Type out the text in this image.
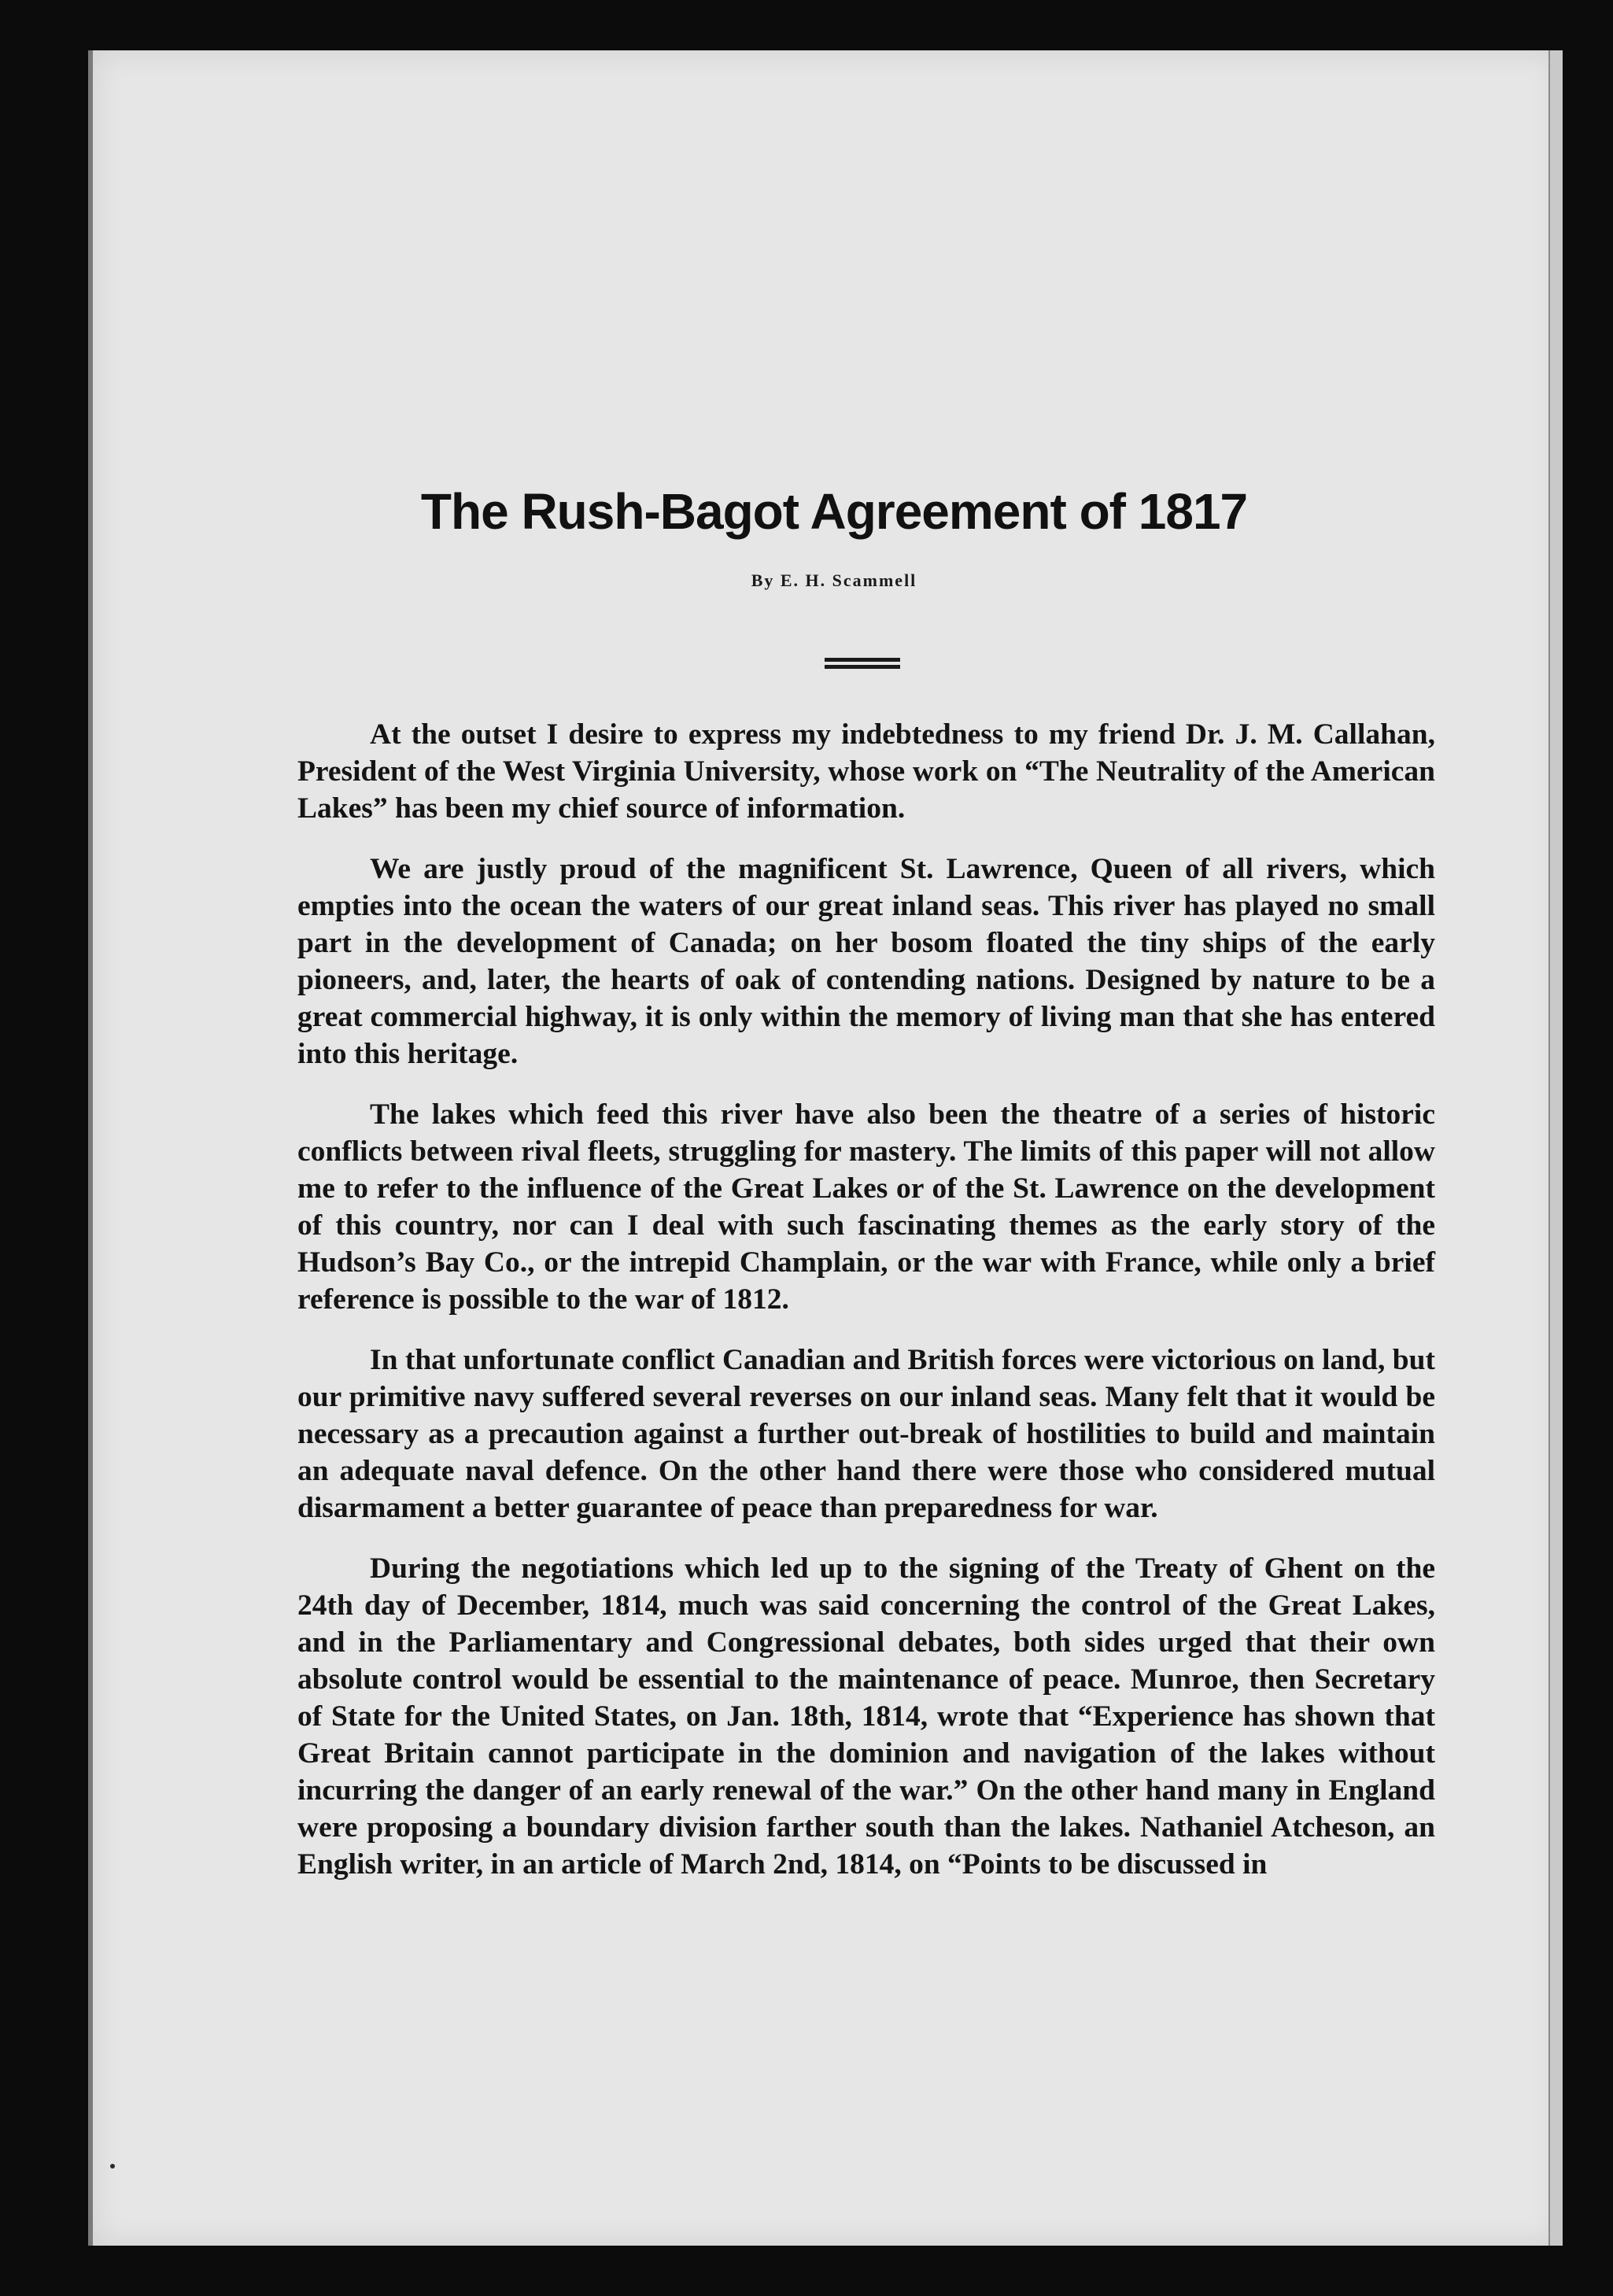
The Rush-Bagot Agreement of 1817
By E. H. Scammell

At the outset I desire to express my indebtedness to my friend Dr. J. M. Callahan, President of the West Virginia University, whose work on “The Neutrality of the American Lakes” has been my chief source of information.

We are justly proud of the magnificent St. Lawrence, Queen of all rivers, which empties into the ocean the waters of our great inland seas. This river has played no small part in the development of Canada; on her bosom floated the tiny ships of the early pioneers, and, later, the hearts of oak of contending nations. Designed by nature to be a great commercial highway, it is only within the memory of living man that she has entered into this heritage.

The lakes which feed this river have also been the theatre of a series of historic conflicts between rival fleets, struggling for mastery. The limits of this paper will not allow me to refer to the influence of the Great Lakes or of the St. Lawrence on the development of this country, nor can I deal with such fascinating themes as the early story of the Hudson’s Bay Co., or the intrepid Champlain, or the war with France, while only a brief reference is possible to the war of 1812.

In that unfortunate conflict Canadian and British forces were victorious on land, but our primitive navy suffered several reverses on our inland seas. Many felt that it would be necessary as a precaution against a further out-break of hostilities to build and maintain an adequate naval defence. On the other hand there were those who considered mutual disarmament a better guarantee of peace than preparedness for war.

During the negotiations which led up to the signing of the Treaty of Ghent on the 24th day of December, 1814, much was said concerning the control of the Great Lakes, and in the Parliamentary and Congressional debates, both sides urged that their own absolute control would be essential to the maintenance of peace. Munroe, then Secretary of State for the United States, on Jan. 18th, 1814, wrote that “Experience has shown that Great Britain cannot participate in the dominion and navigation of the lakes without incurring the danger of an early renewal of the war.” On the other hand many in England were proposing a boundary division farther south than the lakes. Nathaniel Atcheson, an English writer, in an article of March 2nd, 1814, on “Points to be discussed in
